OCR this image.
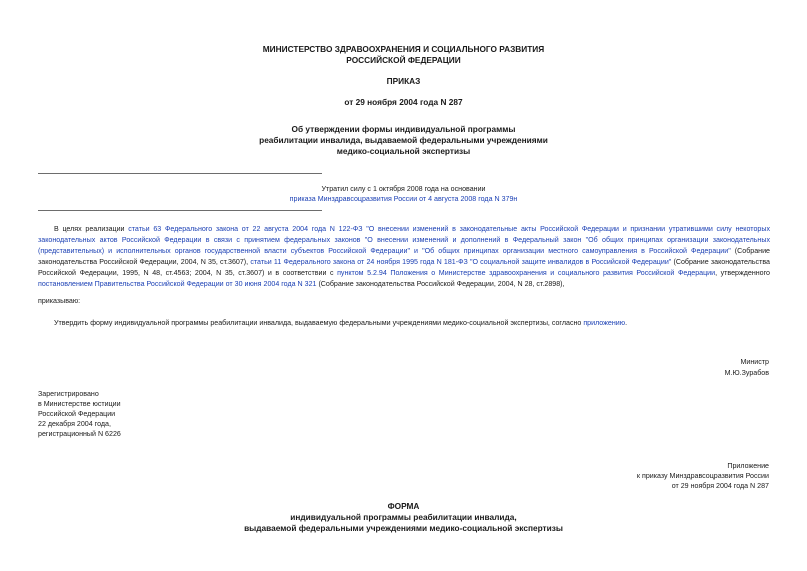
МИНИСТЕРСТВО ЗДРАВООХРАНЕНИЯ И СОЦИАЛЬНОГО РАЗВИТИЯ
РОССИЙСКОЙ ФЕДЕРАЦИИ
ПРИКАЗ
от 29 ноября 2004 года N 287
Об утверждении формы индивидуальной программы
реабилитации инвалида, выдаваемой федеральными учреждениями
медико-социальной экспертизы
Утратил силу с 1 октября 2008 года на основании
приказа Минздравсоцразвития России от 4 августа 2008 года N 379н
В целях реализации статьи 63 Федерального закона от 22 августа 2004 года N 122-ФЗ "О внесении изменений в законодательные акты Российской Федерации и признании утратившими силу некоторых законодательных актов Российской Федерации в связи с принятием федеральных законов "О внесении изменений и дополнений в Федеральный закон "Об общих принципах организации законодательных (представительных) и исполнительных органов государственной власти субъектов Российской Федерации" и "Об общих принципах организации местного самоуправления в Российской Федерации" (Собрание законодательства Российской Федерации, 2004, N 35, ст.3607), статьи 11 Федерального закона от 24 ноября 1995 года N 181-ФЗ "О социальной защите инвалидов в Российской Федерации" (Собрание законодательства Российской Федерации, 1995, N 48, ст.4563; 2004, N 35, ст.3607) и в соответствии с пунктом 5.2.94 Положения о Министерстве здравоохранения и социального развития Российской Федерации, утвержденного постановлением Правительства Российской Федерации от 30 июня 2004 года N 321 (Собрание законодательства Российской Федерации, 2004, N 28, ст.2898),
приказываю:
Утвердить форму индивидуальной программы реабилитации инвалида, выдаваемую федеральными учреждениями медико-социальной экспертизы, согласно приложению.
Министр
М.Ю.Зурабов
Зарегистрировано
в Министерстве юстиции
Российской Федерации
22 декабря 2004 года,
регистрационный N 6226
Приложение
к приказу Минздравсоцразвития России
от 29 ноября 2004 года N 287
ФОРМА
индивидуальной программы реабилитации инвалида,
выдаваемой федеральными учреждениями медико-социальной экспертизы
